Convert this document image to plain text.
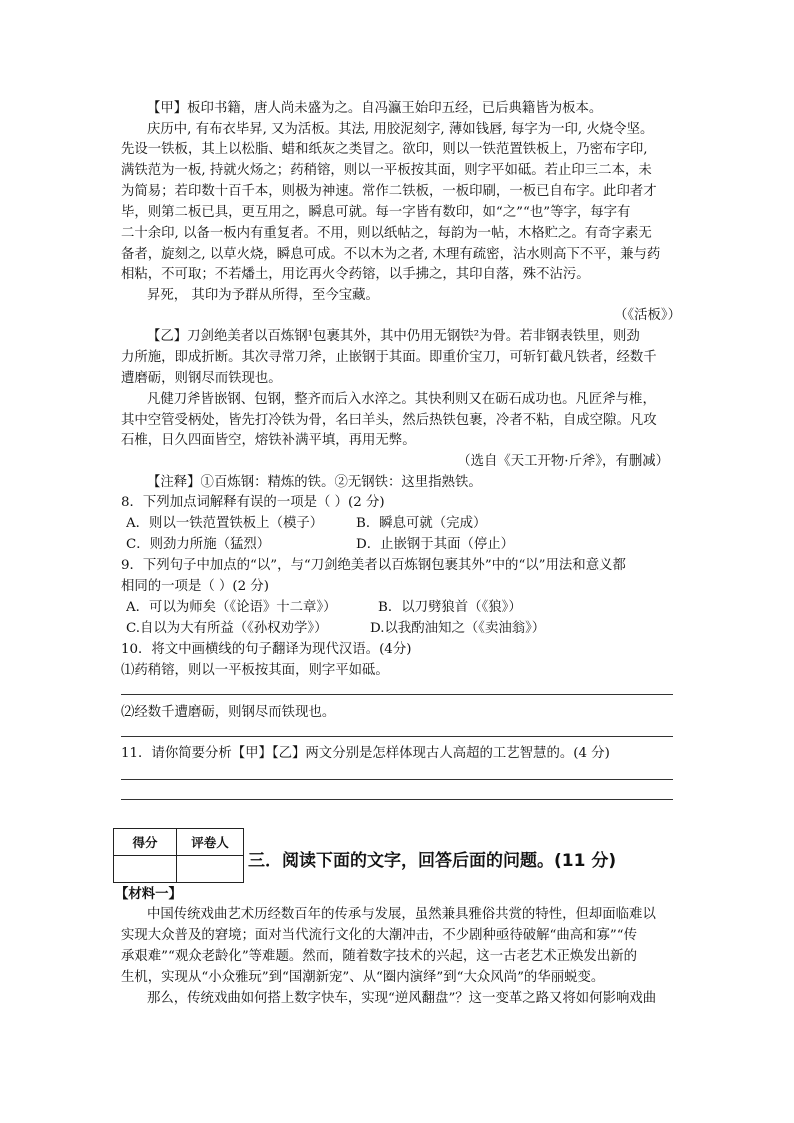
【甲】板印书籍，唐人尚未盛为之。自冯瀛王始印五经，已后典籍皆为板本。
庆历中, 有布衣毕昇, 又为活板。其法, 用胶泥刻字, 薄如钱唇, 每字为一印, 火烧令坚。
先设一铁板，其上以松脂、蜡和纸灰之类冒之。欲印，则以一铁范置铁板上，乃密布字印,
满铁范为一板, 持就火炀之；药稍镕，则以一平板按其面，则字平如砥。若止印三二本，未
为简易；若印数十百千本，则极为神速。常作二铁板，一板印刷，一板已自布字。此印者才
毕，则第二板已具，更互用之，瞬息可就。每一字皆有数印，如“之”“也”等字，每字有
二十余印, 以备一板内有重复者。不用，则以纸帖之，每韵为一帖，木格贮之。有奇字素无
备者，旋刻之, 以草火烧，瞬息可成。不以木为之者, 木理有疏密，沾水则高下不平，兼与药
相粘，不可取；不若燔土，用讫再火令药镕，以手拂之，其印自落，殊不沾污。
昇死， 其印为予群从所得，至今宝藏。
（《活板》）
【乙】刀剑绝美者以百炼钢¹包裹其外，其中仍用无钢铁²为骨。若非钢表铁里，则劲
力所施，即成折断。其次寻常刀斧，止嵌钢于其面。即重价宝刀，可斩钉截凡铁者，经数千
遭磨砺，则钢尽而铁现也。
凡健刀斧皆嵌钢、包钢，整齐而后入水淬之。其快利则又在砺石成功也。凡匠斧与椎，
其中空管受柄处，皆先打冷铁为骨，名曰羊头，然后热铁包裹，冷者不粘，自成空隙。凡攻
石椎，日久四面皆空，熔铁补满平填，再用无弊。
（选自《天工开物·斤斧》，有删减）
【注释】①百炼钢：精炼的铁。②无钢铁：这里指熟铁。
8．下列加点词解释有误的一项是（ ）(2 分)
A．则以一铁范置铁板上（模子）	B．瞬息可就（完成）
C．则劲力所施（猛烈）	D．止嵌钢于其面（停止）
9．下列句子中加点的“以”，与“刀剑绝美者以百炼钢包裹其外”中的“以”用法和意义都
相同的一项是（ ）(2 分)
A．可以为师矣（《论语》十二章》）	B．以刀劈狼首（《狼》）
C.自以为大有所益（《孙权劝学》）	D.以我酌油知之（《卖油翁》）
10．将文中画横线的句子翻译为现代汉语。(4分)
⑴药稍镕，则以一平板按其面，则字平如砥。
⑵经数千遭磨砺，则钢尽而铁现也。
11．请你简要分析【甲】【乙】两文分别是怎样体现古人高超的工艺智慧的。(4 分)
得分	评卷人

三．阅读下面的文字，回答后面的问题。(11 分)
【材料一】
中国传统戏曲艺术历经数百年的传承与发展，虽然兼具雅俗共赏的特性，但却面临难以
实现大众普及的窘境；面对当代流行文化的大潮冲击，不少剧种亟待破解“曲高和寡”“传
承艰难”“观众老龄化”等难题。然而，随着数字技术的兴起，这一古老艺术正焕发出新的
生机，实现从“小众雅玩”到“国潮新宠”、从“圈内演绎”到“大众风尚”的华丽蜕变。
那么，传统戏曲如何搭上数字快车，实现“逆风翻盘”？这一变革之路又将如何影响戏曲
